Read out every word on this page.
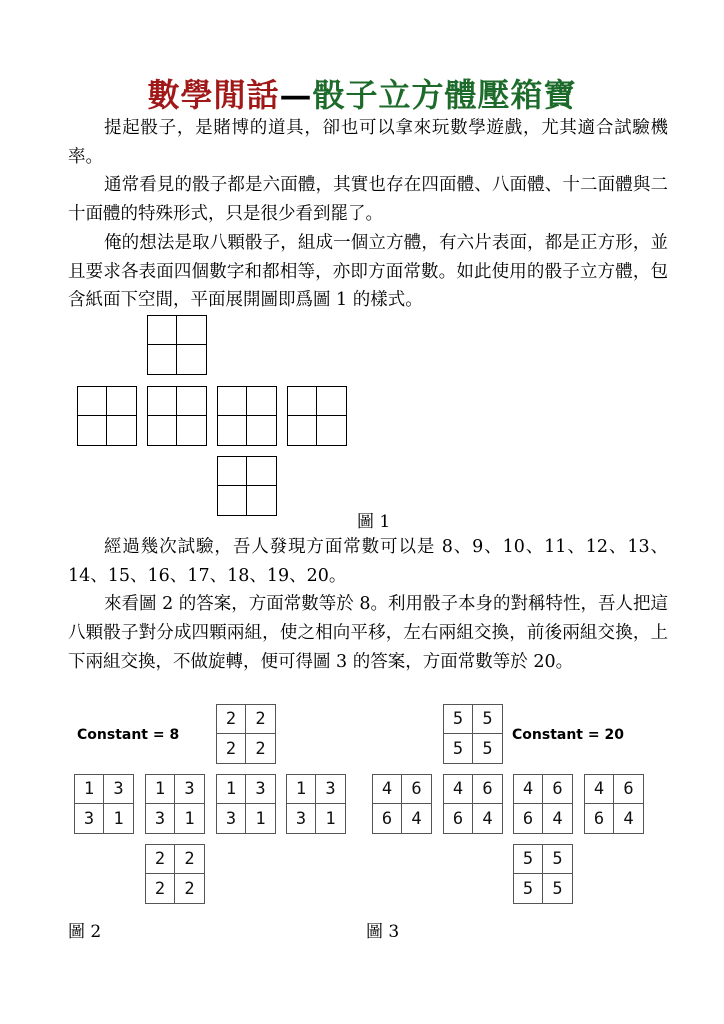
數學閒話—骰子立方體壓箱寶

提起骰子，是賭博的道具，卻也可以拿來玩數學遊戲，尤其適合試驗機率。

通常看見的骰子都是六面體，其實也存在四面體、八面體、十二面體與二十面體的特殊形式，只是很少看到罷了。

俺的想法是取八顆骰子，組成一個立方體，有六片表面，都是正方形，並且要求各表面四個數字和都相等，亦即方面常數。如此使用的骰子立方體，包含紙面下空間，平面展開圖即爲圖 1 的樣式。

圖 1

經過幾次試驗，吾人發現方面常數可以是 8、9、10、11、12、13、14、15、16、17、18、19、20。

來看圖 2 的答案，方面常數等於 8。利用骰子本身的對稱特性，吾人把這八顆骰子對分成四顆兩組，使之相向平移，左右兩組交換，前後兩組交換，上下兩組交換，不做旋轉，便可得圖 3 的答案，方面常數等於 20。

Constant = 8
2	2
2	2
1	3
3	1
1	3
3	1
1	3
3	1
1	3
3	1
2	2
2	2
圖 2
Constant = 20
5	5
5	5
4	6
6	4
4	6
6	4
4	6
6	4
4	6
6	4
5	5
5	5
圖 3
